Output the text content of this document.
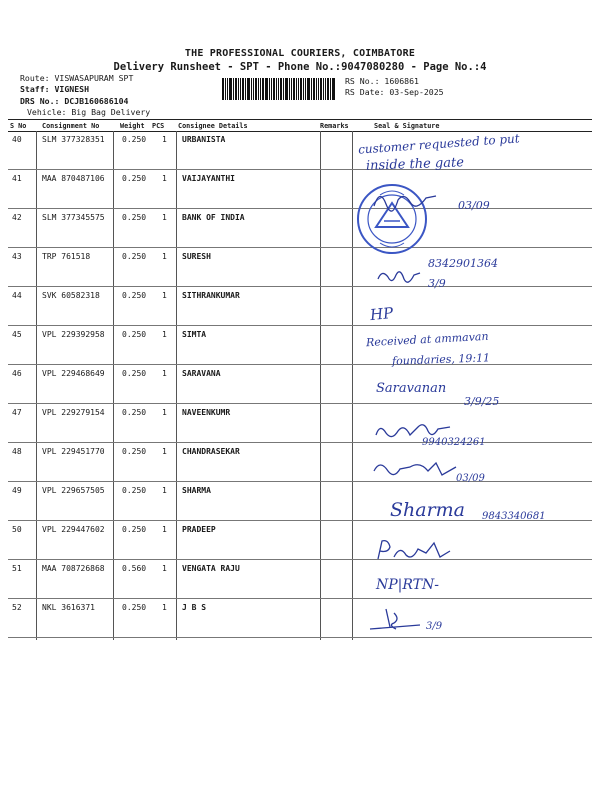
THE PROFESSIONAL COURIERS, COIMBATORE
Delivery Runsheet - SPT - Phone No.:9047080280 - Page No.:4
Route: VISWASAPURAM SPT
Staff: VIGNESH
DRS No.: DCJB160686104
Vehicle: Big Bag Delivery
RS No.: 1606861
RS Date: 03-Sep-2025
S No Consignment No	Weight PCS Consignee Details	Remarks	Seal & Signature
40	SLM 377328351 0.250 1 URBANISTA
41	MAA 870487106 0.250 1 VAIJAYANTHI
42	SLM 377345575 0.250 1 BANK OF INDIA
43	TRP 761518	0.250 1 SURESH
44	SVK 60582318	0.250 1 SITHRANKUMAR
45	VPL 229392958 0.250 1 SIMTA
46	VPL 229468649 0.250 1 SARAVANA
47	VPL 229279154 0.250 1 NAVEENKUMR
48	VPL 229451770 0.250 1 CHANDRASEKAR
49	VPL 229657505 0.250 1 SHARMA
50	VPL 229447602 0.250 1 PRADEEP
51	MAA 708726868 0.560 1 VENGATA RAJU
52	NKL 3616371	0.250 1 J B S
customer requested to put
inside the gate
03/09
8342901364
3/9
HP
Received at ammavan
foundaries, 19:11
Saravanan
3/9/25
9940324261
03/09
Sharma 9843340681
NP|RTN-
3/9
